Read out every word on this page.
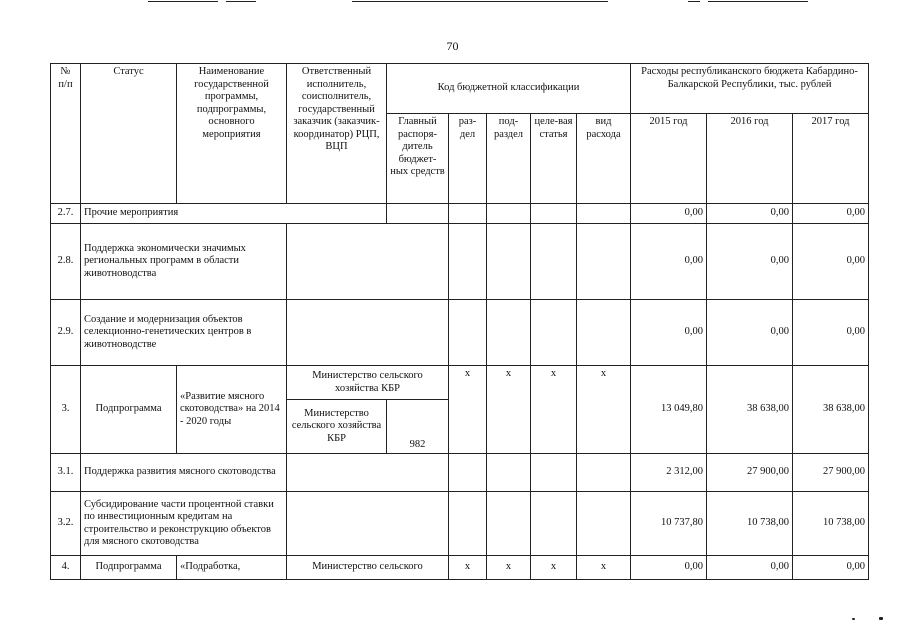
70
№
п/п	Статус	Наименование государственной программы, подпрограммы, основного мероприятия	Ответственный исполнитель, соисполнитель, государственный заказчик (заказчик-координатор) РЦП, ВЦП	Код бюджетной классификации					Расходы республиканского бюджета Кабардино-Балкарской Республики, тыс. рублей		
				Главный распоря-дитель бюджет-ных средств	раз-дел	под-раздел	целе-вая статья	вид расхода	2015 год	2016 год	2017 год
2.7.	Прочие мероприятия								0,00	0,00	0,00
2.8.	Поддержка экономически значимых региональных программ в области животноводства								0,00	0,00	0,00
2.9.	Создание и модернизация объектов селекционно-генетических центров в животноводстве								0,00	0,00	0,00
3.	Подпрограмма	«Развитие мясного скотоводства» на 2014 - 2020 годы	Министерство сельского хозяйства КБР		x	x	x	x	13 049,80	38 638,00	38 638,00
			Министерство сельского хозяйства КБР	982							
3.1.	Поддержка развития мясного скотоводства								2 312,00	27 900,00	27 900,00
3.2.	Субсидирование части процентной ставки по инвестиционным кредитам на строительство и реконструкцию объектов для мясного скотоводства								10 737,80	10 738,00	10 738,00
4.	Подпрограмма	«Подработка,	Министерство сельского		x	x	x	x	0,00	0,00	0,00
